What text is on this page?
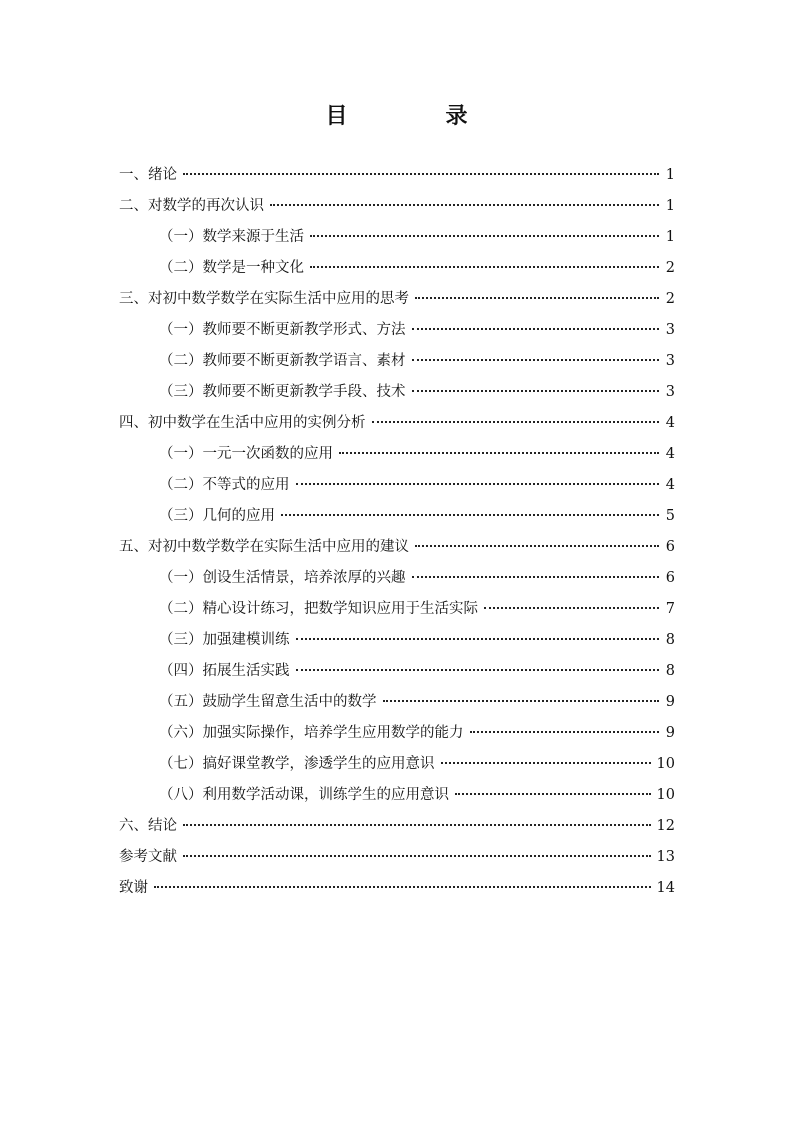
目　录
一、绪论	1
二、对数学的再次认识	1
（一）数学来源于生活	1
（二）数学是一种文化	2
三、对初中数学数学在实际生活中应用的思考	2
（一）教师要不断更新教学形式、方法	3
（二）教师要不断更新教学语言、素材	3
（三）教师要不断更新教学手段、技术	3
四、初中数学在生活中应用的实例分析	4
（一）一元一次函数的应用	4
（二）不等式的应用	4
（三）几何的应用	5
五、对初中数学数学在实际生活中应用的建议	6
（一）创设生活情景，培养浓厚的兴趣	6
（二）精心设计练习，把数学知识应用于生活实际	7
（三）加强建模训练	8
（四）拓展生活实践	8
（五）鼓励学生留意生活中的数学	9
（六）加强实际操作，培养学生应用数学的能力	9
（七）搞好课堂教学，渗透学生的应用意识	10
（八）利用数学活动课，训练学生的应用意识	10
六、结论	12
参考文献	13
致谢	14
